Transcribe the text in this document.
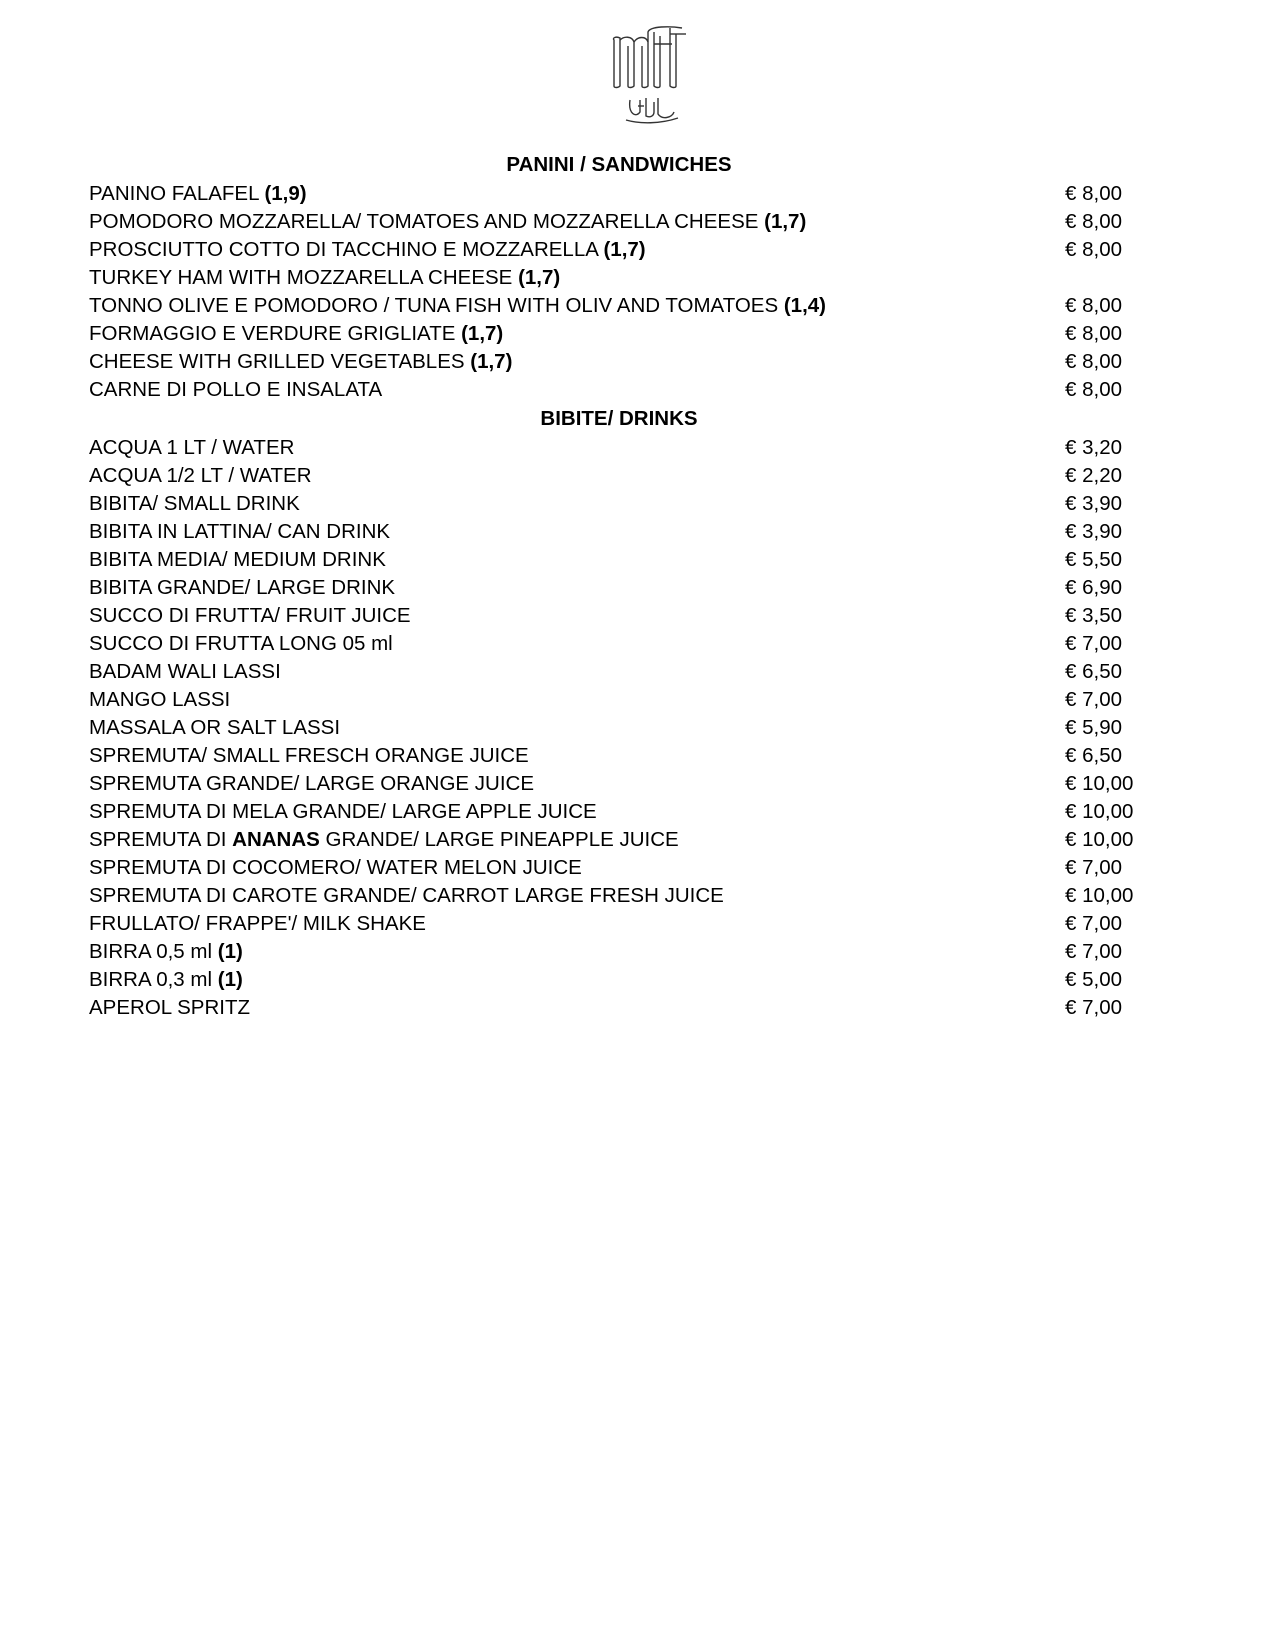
PANINI / SANDWICHES
PANINO FALAFEL (1,9)	€ 8,00
POMODORO MOZZARELLA/ TOMATOES AND MOZZARELLA CHEESE (1,7)	€ 8,00
PROSCIUTTO COTTO DI TACCHINO E MOZZARELLA (1,7)	€ 8,00
TURKEY HAM WITH MOZZARELLA CHEESE (1,7)
TONNO OLIVE E POMODORO / TUNA FISH WITH OLIV AND TOMATOES (1,4)	€ 8,00
FORMAGGIO E VERDURE GRIGLIATE (1,7)	€ 8,00
CHEESE WITH GRILLED VEGETABLES (1,7)	€ 8,00
CARNE DI POLLO E INSALATA	€ 8,00
BIBITE/ DRINKS
ACQUA 1 LT / WATER	€ 3,20
ACQUA 1/2 LT / WATER	€ 2,20
BIBITA/ SMALL DRINK	€ 3,90
BIBITA IN LATTINA/ CAN DRINK	€ 3,90
BIBITA MEDIA/ MEDIUM DRINK	€ 5,50
BIBITA GRANDE/ LARGE DRINK	€ 6,90
SUCCO DI FRUTTA/ FRUIT JUICE	€ 3,50
SUCCO DI FRUTTA LONG 05 ml	€ 7,00
BADAM WALI LASSI	€ 6,50
MANGO LASSI	€ 7,00
MASSALA OR SALT LASSI	€ 5,90
SPREMUTA/ SMALL FRESCH ORANGE JUICE	€ 6,50
SPREMUTA GRANDE/ LARGE ORANGE JUICE	€ 10,00
SPREMUTA DI MELA GRANDE/ LARGE APPLE JUICE	€ 10,00
SPREMUTA DI ANANAS GRANDE/ LARGE PINEAPPLE JUICE	€ 10,00
SPREMUTA DI COCOMERO/ WATER MELON JUICE	€ 7,00
SPREMUTA DI CAROTE GRANDE/ CARROT LARGE FRESH JUICE	€ 10,00
FRULLATO/ FRAPPE'/ MILK SHAKE	€ 7,00
BIRRA 0,5 ml (1)	€ 7,00
BIRRA 0,3 ml (1)	€ 5,00
APEROL SPRITZ	€ 7,00
